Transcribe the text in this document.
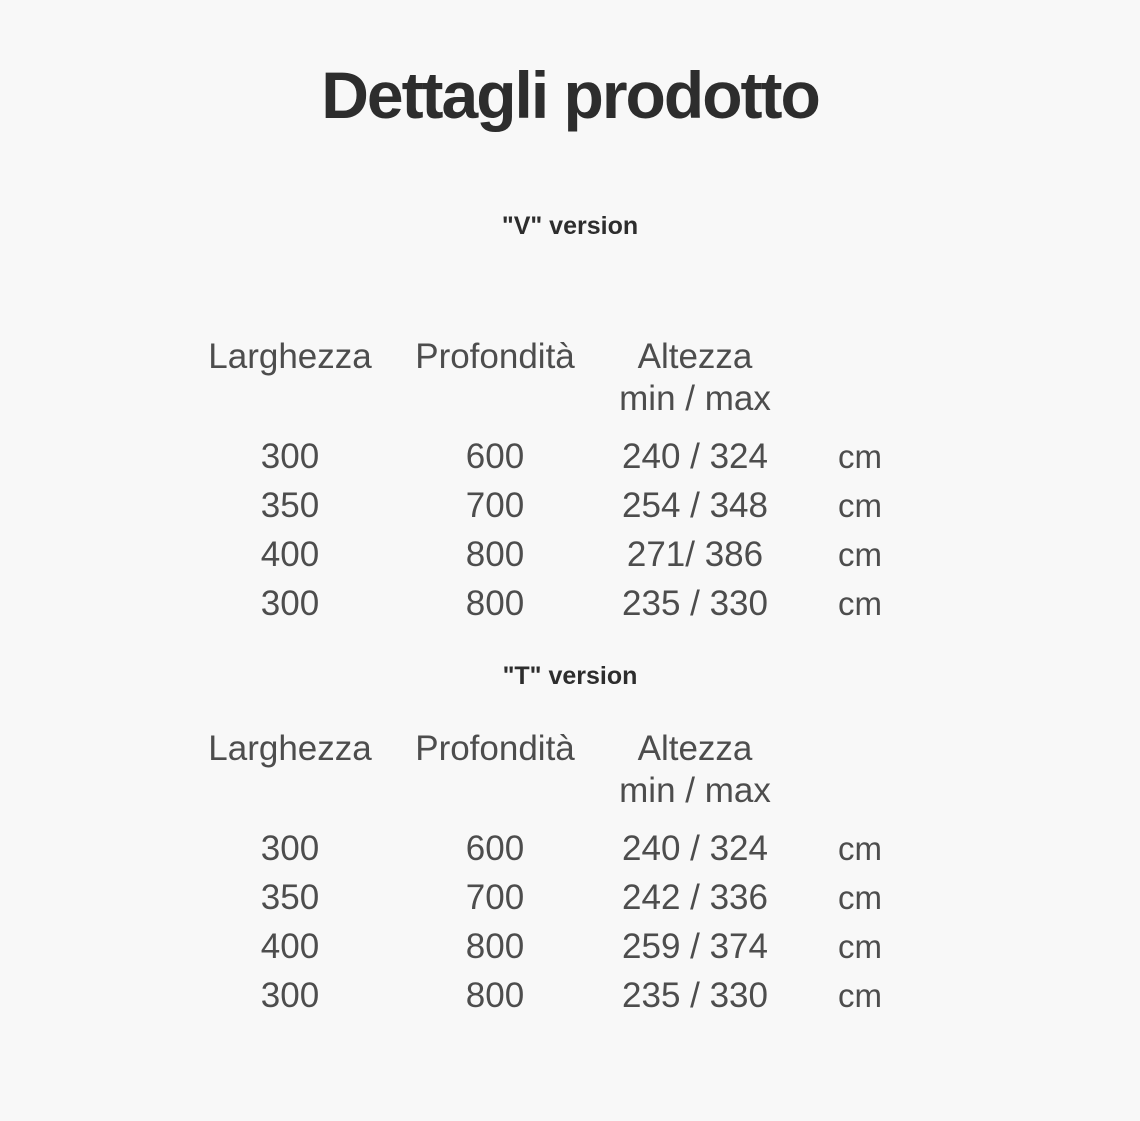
Dettagli prodotto
"V" version
Larghezza	Profondità	Altezza
min / max	

300	600	240 / 324	cm
350	700	254 / 348	cm
400	800	271/ 386	cm
300	800	235 / 330	cm
"T" version
Larghezza	Profondità	Altezza
min / max	

300	600	240 / 324	cm
350	700	242 / 336	cm
400	800	259 / 374	cm
300	800	235 / 330	cm
